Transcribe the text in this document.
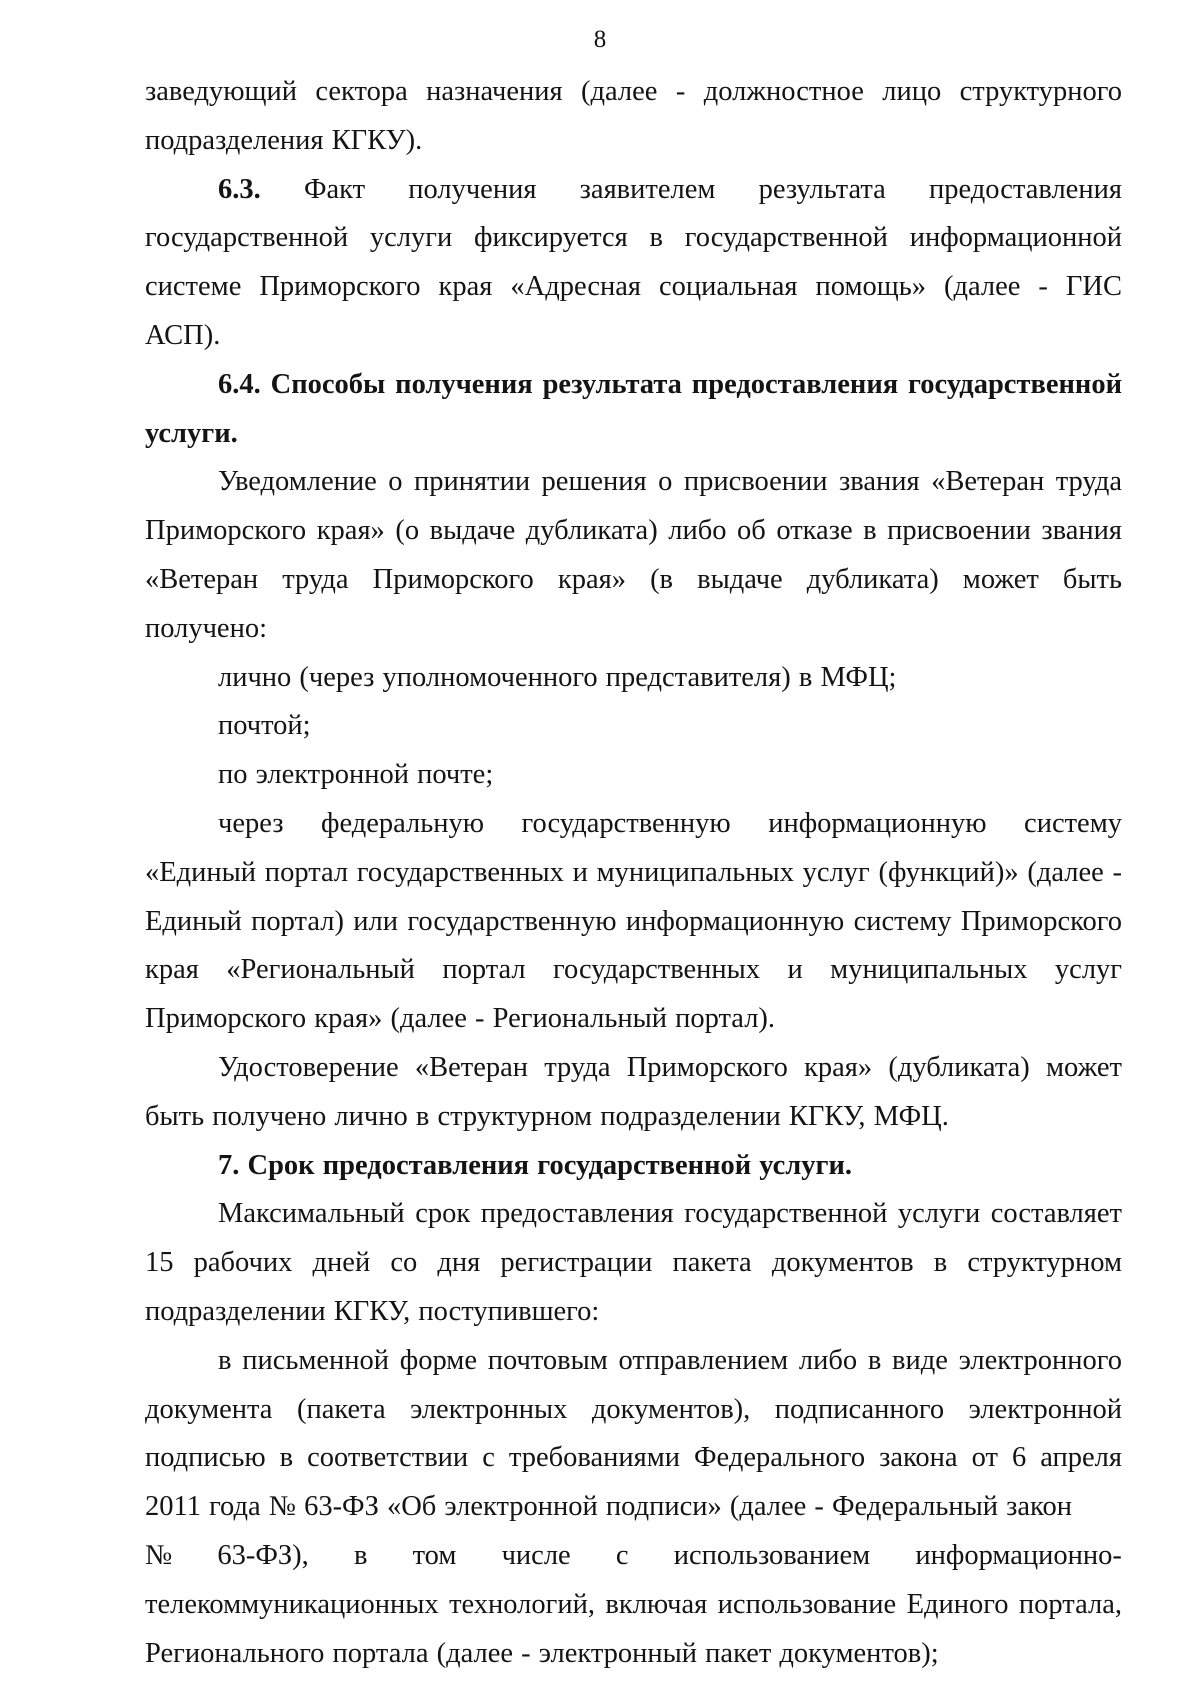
8

заведующий сектора назначения (далее - должностное лицо структурного подразделения КГКУ).

6.3. Факт получения заявителем результата предоставления

государственной услуги фиксируется в государственной информационной системе Приморского края «Адресная социальная помощь» (далее - ГИС АСП).

6.4. Способы получения результата предоставления государственной услуги.

Уведомление о принятии решения о присвоении звания «Ветеран труда Приморского края» (о выдаче дубликата) либо об отказе в присвоении звания «Ветеран труда Приморского края» (в выдаче дубликата) может быть получено:

лично (через уполномоченного представителя) в МФЦ;

почтой;

по электронной почте;

через федеральную государственную информационную систему «Единый портал государственных и муниципальных услуг (функций)» (далее - Единый портал) или государственную информационную систему Приморского края «Региональный портал государственных и муниципальных услуг Приморского края» (далее - Региональный портал).

Удостоверение «Ветеран труда Приморского края» (дубликата) может быть получено лично в структурном подразделении КГКУ, МФЦ.

7. Срок предоставления государственной услуги.

Максимальный срок предоставления государственной услуги составляет 15 рабочих дней со дня регистрации пакета документов в структурном подразделении КГКУ, поступившего:

в письменной форме почтовым отправлением либо в виде электронного документа (пакета электронных документов), подписанного электронной подписью в соответствии с требованиями Федерального закона от 6 апреля 2011 года № 63-ФЗ «Об электронной подписи» (далее - Федеральный закон

№ 63-ФЗ), в том числе с использованием информационно-

телекоммуникационных технологий, включая использование Единого портала, Регионального портала (далее - электронный пакет документов);
